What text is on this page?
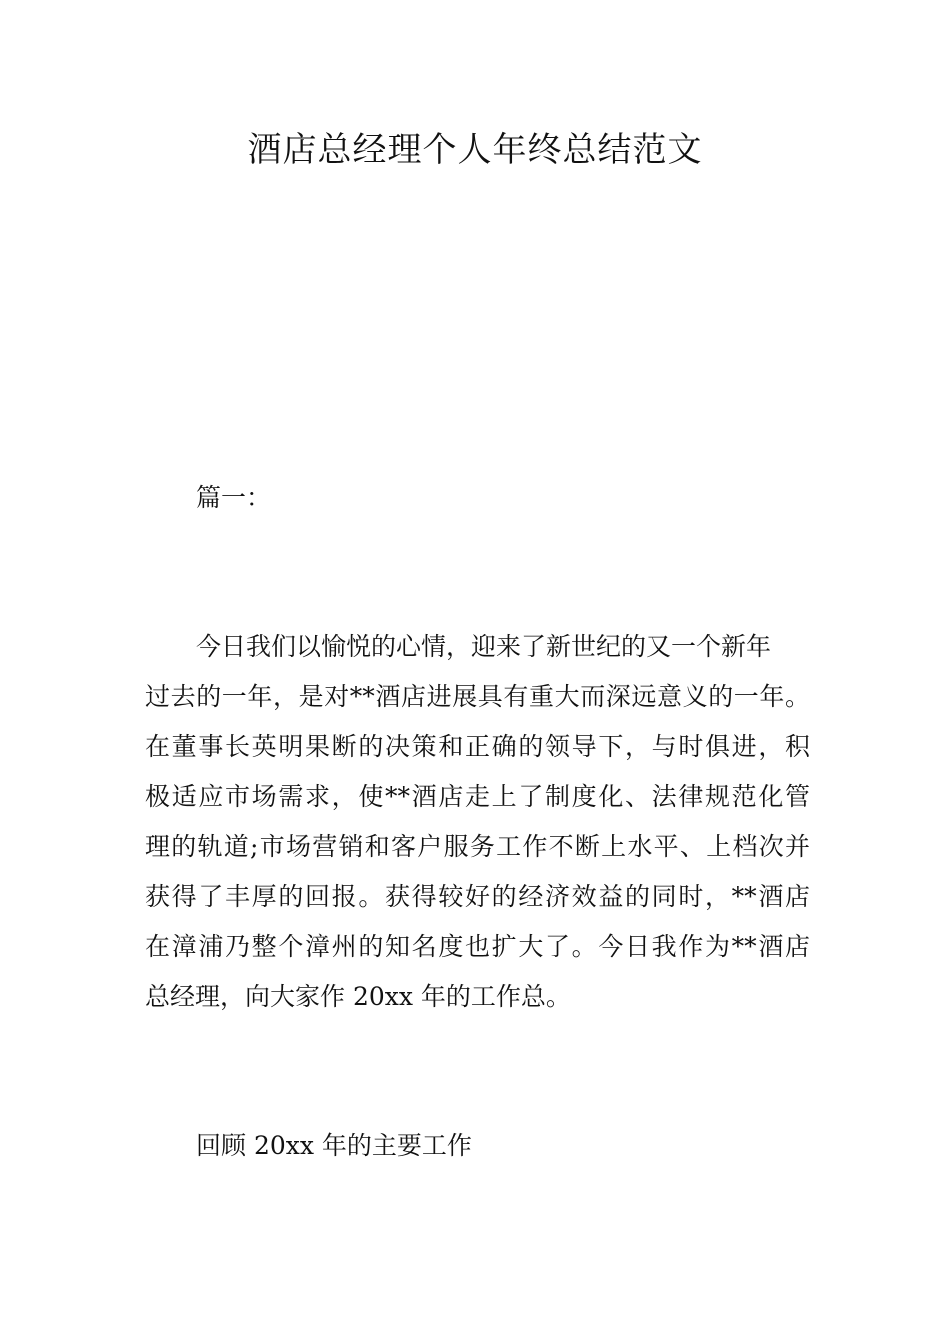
酒店总经理个人年终总结范文
篇一：
今日我们以愉悦的心情，迎来了新世纪的又一个新年
过去的一年，是对**酒店进展具有重大而深远意义的一年。
在董事长英明果断的决策和正确的领导下，与时俱进，积
极适应市场需求，使**酒店走上了制度化、法律规范化管
理的轨道;市场营销和客户服务工作不断上水平、上档次并
获得了丰厚的回报。获得较好的经济效益的同时，**酒店
在漳浦乃整个漳州的知名度也扩大了。今日我作为**酒店
总经理，向大家作 20xx 年的工作总。
回顾 20xx 年的主要工作
